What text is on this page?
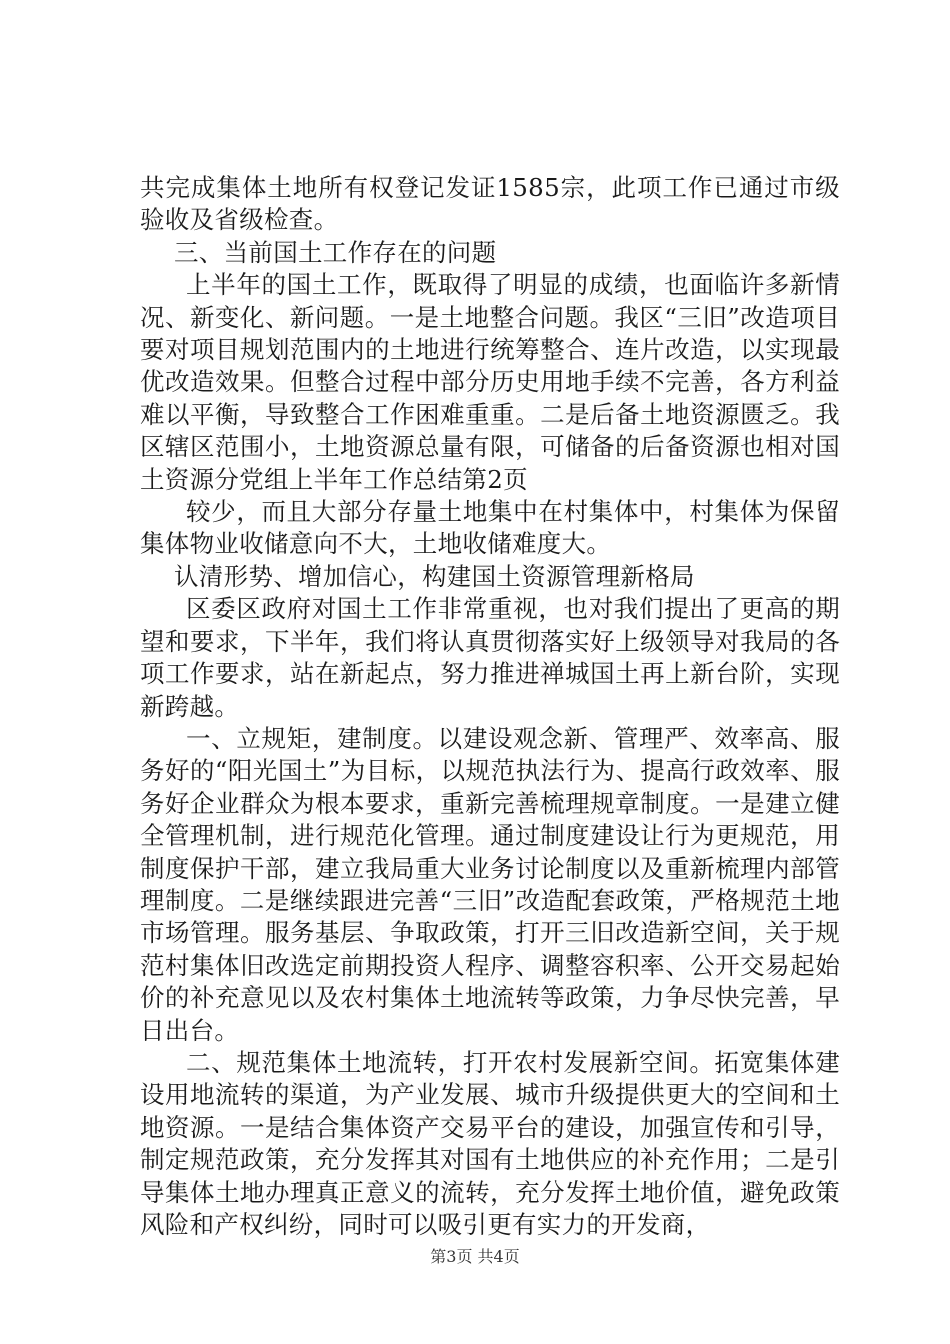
共完成集体土地所有权登记发证1585宗，此项工作已通过市级验收及省级检查。

三、当前国土工作存在的问题

上半年的国土工作，既取得了明显的成绩，也面临许多新情况、新变化、新问题。一是土地整合问题。我区“三旧”改造项目要对项目规划范围内的土地进行统筹整合、连片改造，以实现最优改造效果。但整合过程中部分历史用地手续不完善，各方利益难以平衡，导致整合工作困难重重。二是后备土地资源匮乏。我区辖区范围小，土地资源总量有限，可储备的后备资源也相对国土资源分党组上半年工作总结第2页

较少，而且大部分存量土地集中在村集体中，村集体为保留集体物业收储意向不大，土地收储难度大。

认清形势、增加信心，构建国土资源管理新格局

区委区政府对国土工作非常重视，也对我们提出了更高的期望和要求，下半年，我们将认真贯彻落实好上级领导对我局的各项工作要求，站在新起点，努力推进禅城国土再上新台阶，实现新跨越。

一、立规矩，建制度。以建设观念新、管理严、效率高、服务好的“阳光国土”为目标，以规范执法行为、提高行政效率、服务好企业群众为根本要求，重新完善梳理规章制度。一是建立健全管理机制，进行规范化管理。通过制度建设让行为更规范，用制度保护干部，建立我局重大业务讨论制度以及重新梳理内部管理制度。二是继续跟进完善“三旧”改造配套政策，严格规范土地市场管理。服务基层、争取政策，打开三旧改造新空间，关于规范村集体旧改选定前期投资人程序、调整容积率、公开交易起始价的补充意见以及农村集体土地流转等政策，力争尽快完善，早日出台。

二、规范集体土地流转，打开农村发展新空间。拓宽集体建设用地流转的渠道，为产业发展、城市升级提供更大的空间和土地资源。一是结合集体资产交易平台的建设，加强宣传和引导，制定规范政策，充分发挥其对国有土地供应的补充作用；二是引导集体土地办理真正意义的流转，充分发挥土地价值，避免政策风险和产权纠纷，同时可以吸引更有实力的开发商，

第3页 共4页
